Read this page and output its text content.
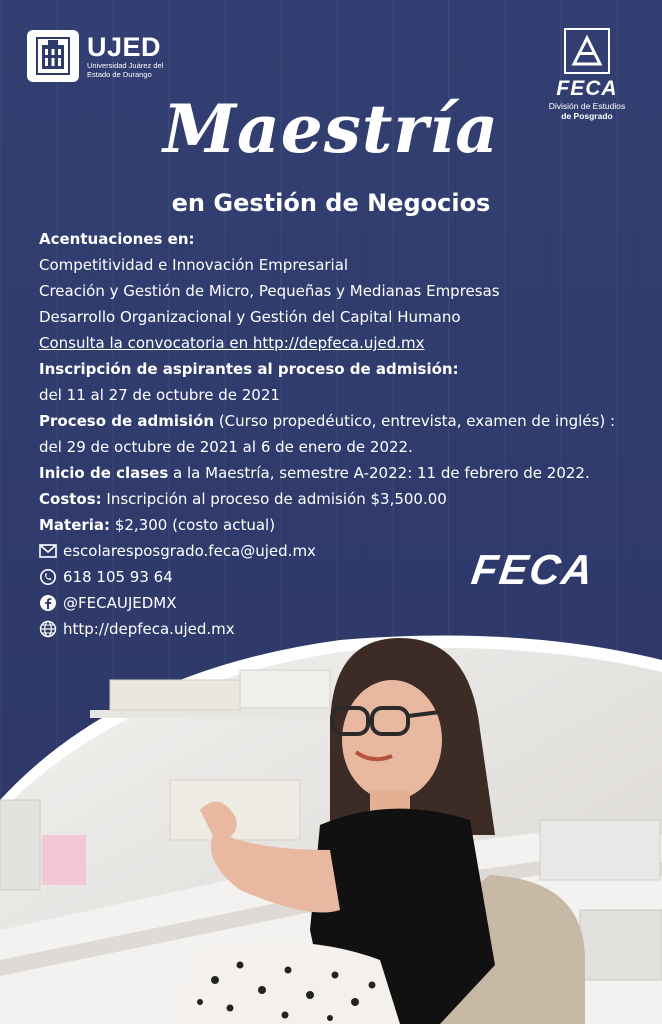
UJED
Universidad Juárez del Estado de Durango
FECA
División de Estudios
de Posgrado
Maestría
en Gestión de Negocios
Acentuaciones en:
Competitividad e Innovación Empresarial
Creación y Gestión de Micro, Pequeñas y Medianas Empresas
Desarrollo Organizacional y Gestión del Capital Humano
Consulta la convocatoria en http://depfeca.ujed.mx
Inscripción de aspirantes al proceso de admisión:
del 11 al 27 de octubre de 2021
Proceso de admisión (Curso propedéutico, entrevista, examen de inglés) :
del 29 de octubre de 2021 al 6 de enero de 2022.
Inicio de clases a la Maestría, semestre A-2022: 11 de febrero de 2022.
Costos: Inscripción al proceso de admisión $3,500.00
Materia: $2,300 (costo actual)
escolaresposgrado.feca@ujed.mx
618 105 93 64
@FECAUJEDMX
http://depfeca.ujed.mx
FECA
